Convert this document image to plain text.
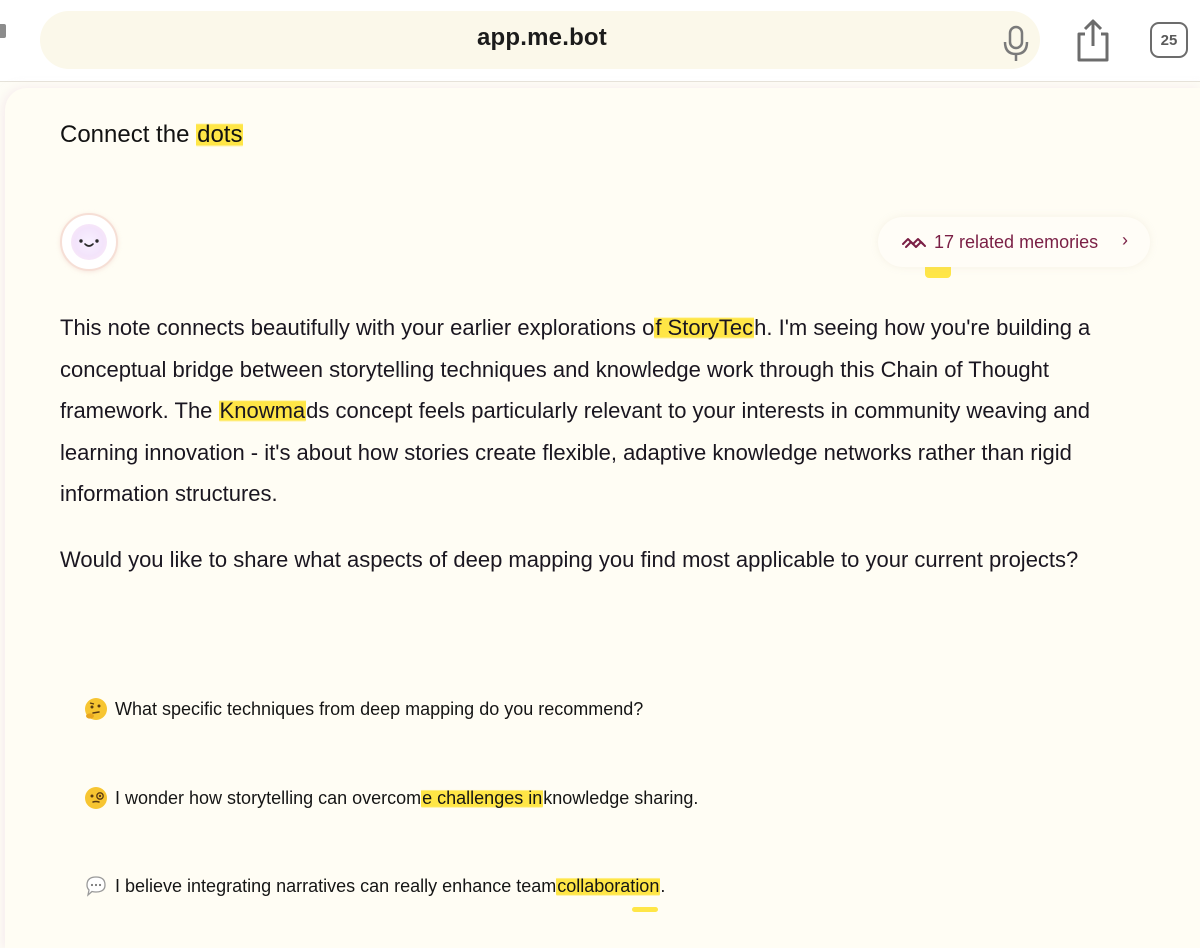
app.me.bot	25
Connect the dots
17 related memories ›
This note connects beautifully with your earlier explorations of StoryTech. I'm seeing how you're building a conceptual bridge between storytelling techniques and knowledge work through this Chain of Thought framework. The Knowmads concept feels particularly relevant to your interests in community weaving and learning innovation - it's about how stories create flexible, adaptive knowledge networks rather than rigid information structures.
Would you like to share what aspects of deep mapping you find most applicable to your current projects?
What specific techniques from deep mapping do you recommend?
I wonder how storytelling can overcom e challenges in knowledge sharing.
I believe integrating narratives can really enhance team collaboration .
